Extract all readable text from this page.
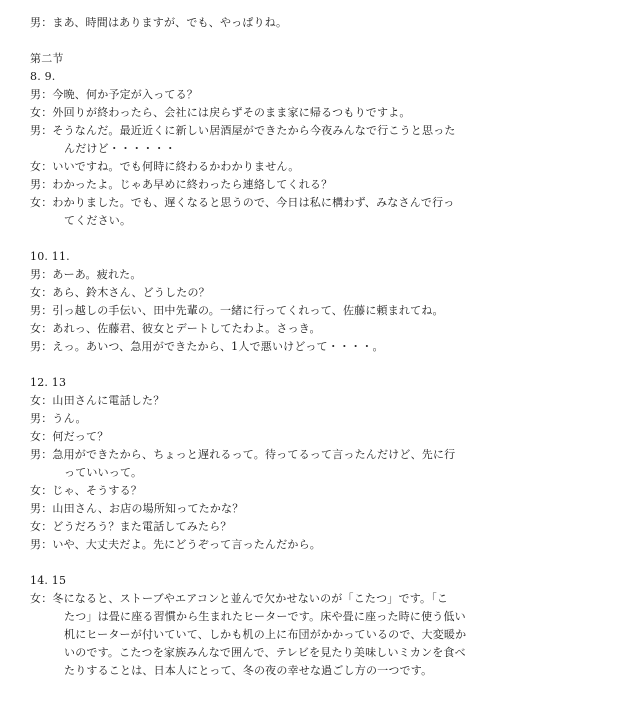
男：まあ、時間はありますが、でも、やっぱりね。
第二节
8. 9.
男：今晩、何か予定が入ってる？
女：外回りが終わったら、会社には戻らずそのまま家に帰るつもりですよ。
男：そうなんだ。最近近くに新しい居酒屋ができたから今夜みんなで行こうと思った
んだけど・・・・・・
女：いいですね。でも何時に終わるかわかりません。
男：わかったよ。じゃあ早めに終わったら連絡してくれる？
女：わかりました。でも、遅くなると思うので、今日は私に構わず、みなさんで行っ
てください。
10. 11.
男：あーあ。疲れた。
女：あら、鈴木さん、どうしたの？
男：引っ越しの手伝い、田中先輩の。一緒に行ってくれって、佐藤に頼まれてね。
女：あれっ、佐藤君、彼女とデートしてたわよ。さっき。
男：えっ。あいつ、急用ができたから、1人で悪いけどって・・・・。
12. 13
女：山田さんに電話した？
男：うん。
女：何だって？
男：急用ができたから、ちょっと遅れるって。待ってるって言ったんだけど、先に行
っていいって。
女：じゃ、そうする？
男：山田さん、お店の場所知ってたかな？
女：どうだろう？また電話してみたら？
男：いや、大丈夫だよ。先にどうぞって言ったんだから。
14. 15
女：冬になると、ストーブやエアコンと並んで欠かせないのが「こたつ」です。「こ
たつ」は畳に座る習慣から生まれたヒーターです。床や畳に座った時に使う低い
机にヒーターが付いていて、しかも机の上に布団がかかっているので、大変暖か
いのです。こたつを家族みんなで囲んで、テレビを見たり美味しいミカンを食べ
たりすることは、日本人にとって、冬の夜の幸せな過ごし方の一つです。
